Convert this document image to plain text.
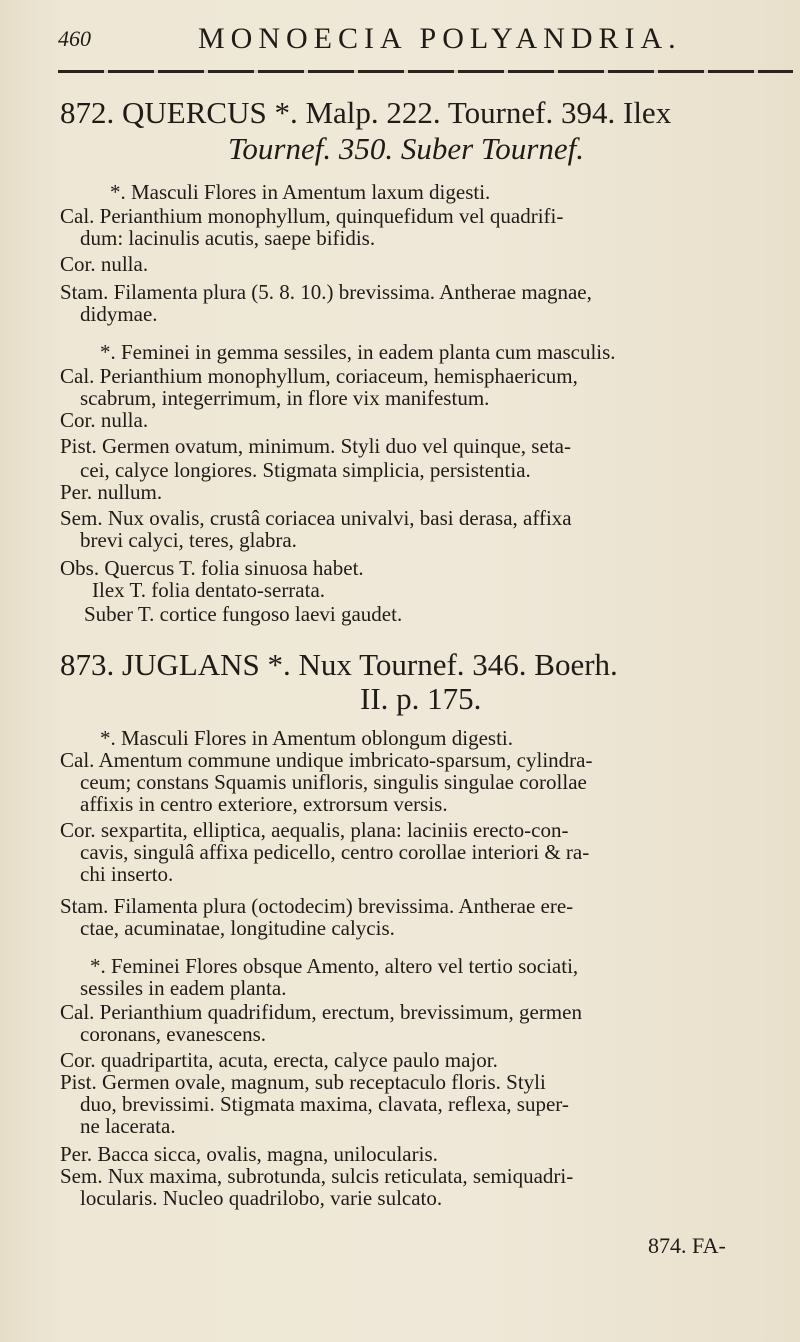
460	MONOECIA POLYANDRIA.
872. QUERCUS *. Malp. 222. Tournef. 394. Ilex
Tournef. 350. Suber Tournef.
*. Masculi Flores in Amentum laxum digesti.
Cal. Perianthium monophyllum, quinquefidum vel quadrifi-
dum: lacinulis acutis, saepe bifidis.
Cor. nulla.
Stam. Filamenta plura (5. 8. 10.) brevissima. Antherae magnae,
didymae.
*. Feminei in gemma sessiles, in eadem planta cum masculis.
Cal. Perianthium monophyllum, coriaceum, hemisphaericum,
scabrum, integerrimum, in flore vix manifestum.
Cor. nulla.
Pist. Germen ovatum, minimum. Styli duo vel quinque, seta-
cei, calyce longiores. Stigmata simplicia, persistentia.
Per. nullum.
Sem. Nux ovalis, crustâ coriacea univalvi, basi derasa, affixa
brevi calyci, teres, glabra.
Obs. Quercus T. folia sinuosa habet.
Ilex T. folia dentato-serrata.
Suber T. cortice fungoso laevi gaudet.
873. JUGLANS *. Nux Tournef. 346. Boerh.
II. p. 175.
*. Masculi Flores in Amentum oblongum digesti.
Cal. Amentum commune undique imbricato-sparsum, cylindra-
ceum; constans Squamis unifloris, singulis singulae corollae
affixis in centro exteriore, extrorsum versis.
Cor. sexpartita, elliptica, aequalis, plana: laciniis erecto-con-
cavis, singulâ affixa pedicello, centro corollae interiori & ra-
chi inserto.
Stam. Filamenta plura (octodecim) brevissima. Antherae ere-
ctae, acuminatae, longitudine calycis.
*. Feminei Flores obsque Amento, altero vel tertio sociati,
sessiles in eadem planta.
Cal. Perianthium quadrifidum, erectum, brevissimum, germen
coronans, evanescens.
Cor. quadripartita, acuta, erecta, calyce paulo major.
Pist. Germen ovale, magnum, sub receptaculo floris. Styli
duo, brevissimi. Stigmata maxima, clavata, reflexa, super-
ne lacerata.
Per. Bacca sicca, ovalis, magna, unilocularis.
Sem. Nux maxima, subrotunda, sulcis reticulata, semiquadri-
locularis. Nucleo quadrilobo, varie sulcato.
874. FA-
